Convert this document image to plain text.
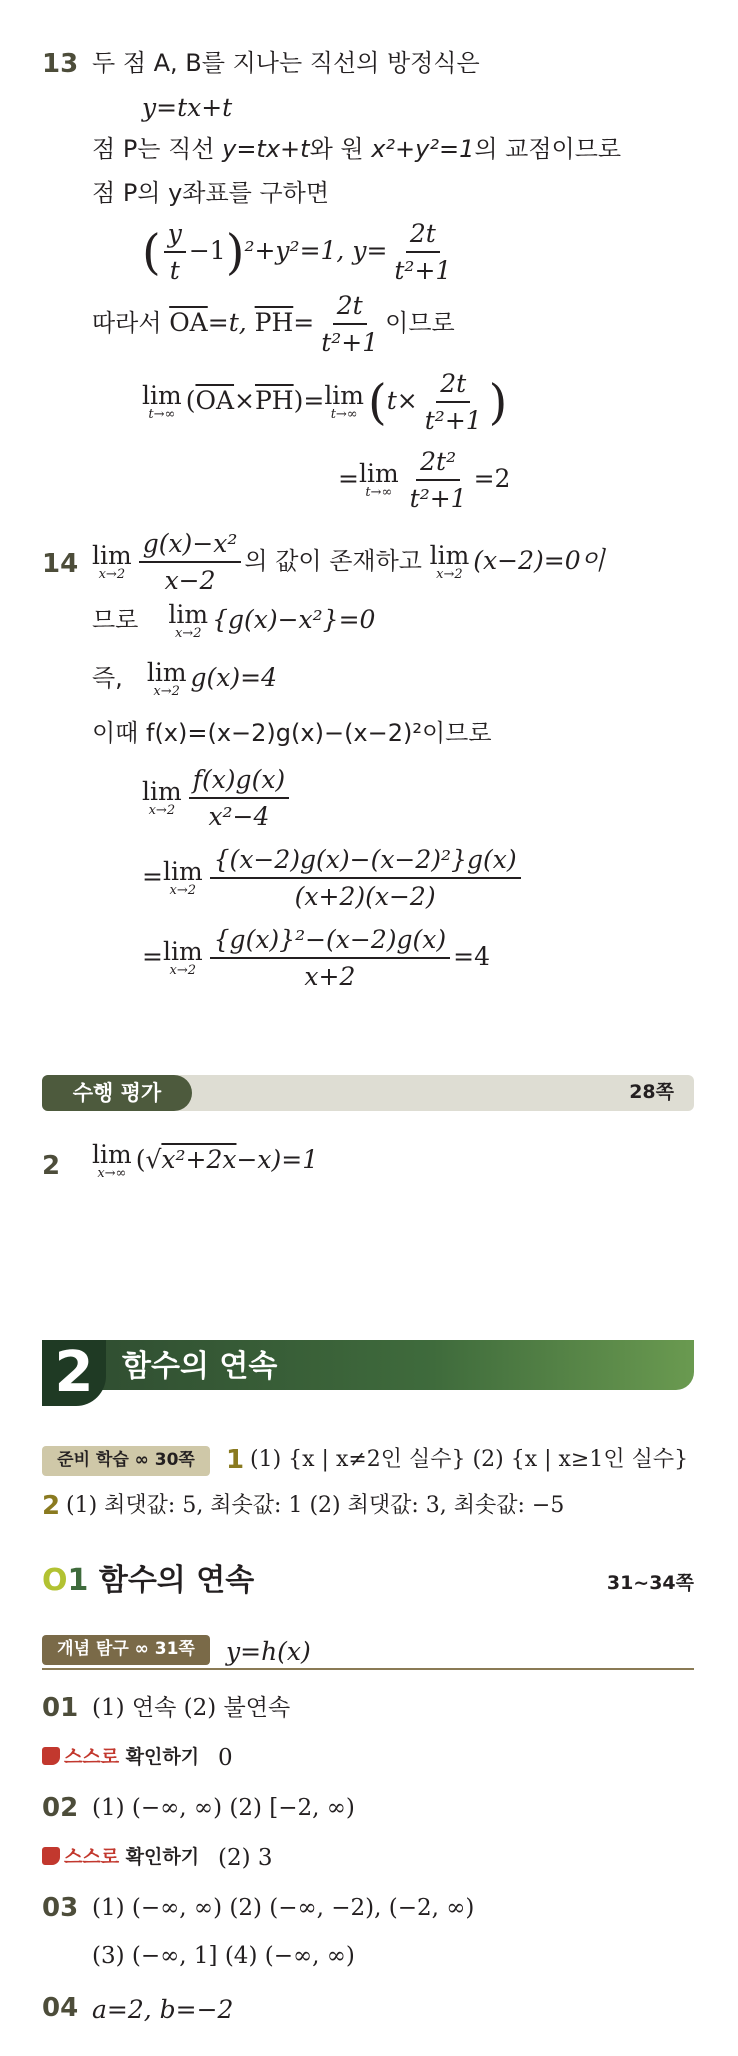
13 두 점 A, B를 지나는 직선의 방정식은
y=tx+t
점 P는 직선 y=tx+t와 원 x²+y²=1의 교점이므로
점 P의 y좌표를 구하면
( $\frac{y}{t} -1)^2+y^2=1$, $y= \frac{2t}{\text{t²+1}}$
따라서 $\overline{OA}=t$, $\overline{PH}= \frac{2t}{\text{t²+1}}$ 이므로
lim
t→∞ $(\overline{OA}\times\overline{PH})= \lim$
t→∞ ($t\times \frac{2t}{\text{t²+1}}$ )
= lim
$t\to\infty \frac{\text{2t²}}{\text{t²+1}} =2$
14 lim
$x\to 2 \frac{\text{g(x)−x²}}{x-2}$ 의 값이 존재하고 lim
x→2 (x−2)=0이
므로 lim
x→2 {g(x)−x²}=0
즉, lim
x→2 g(x)=4
이때 f(x)=(x−2)g(x)−(x−2)²이므로
lim
$x\to 2 \frac{f(x)g(x)}{\text{x²−4}}$
= lim
$x\to 2 \frac{\text{\{(x−2)g(x)−(x−2)²\}g(x)}}{(x+2)(x-2)}$
= lim
$x\to 2 \frac{\text{\{g(x)\}²−(x−2)g(x)}}{x+2} =4$
수행 평가	28쪽
2 lim
x→∞ (√x²+2x−x)=1
2 함수의 연속
준비 학습 ∞ 30쪽	1 (1) {x | x≠2인 실수} (2) {x | x≥1인 실수}
2 (1) 최댓값: 5, 최솟값: 1 (2) 최댓값: 3, 최솟값: −5
O1 함수의 연속	31~34쪽
개념 탐구 ∞ 31쪽	y=h(x)
01 (1) 연속 (2) 불연속
스스로 확인하기 0
02 (1) (−∞, ∞) (2) [−2, ∞)
스스로 확인하기 (2) 3
03 (1) (−∞, ∞) (2) (−∞, −2), (−2, ∞)
(3) (−∞, 1] (4) (−∞, ∞)
04 a=2, b=−2
